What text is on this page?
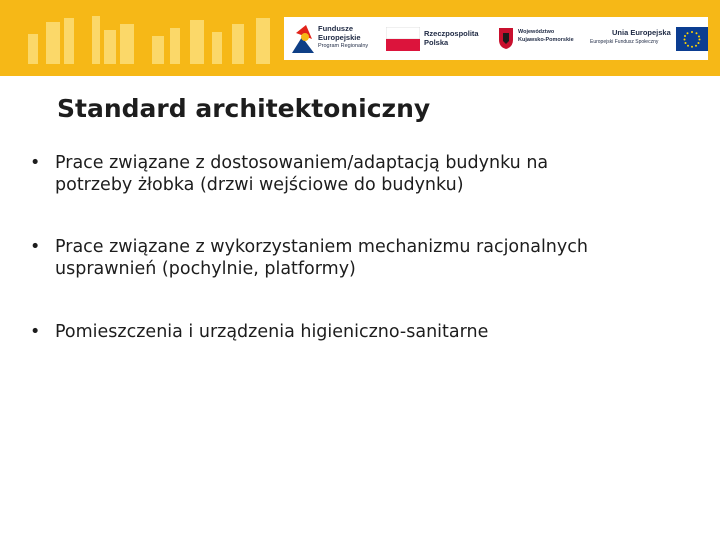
Fundusze
Europejskie
Program Regionalny
Rzeczpospolita
Polska
Województwo
Kujawsko-Pomorskie
Unia Europejska
Europejski Fundusz Społeczny
Standard architektoniczny
• Prace związane z dostosowaniem/adaptacją budynku na
potrzeby żłobka (drzwi wejściowe do budynku)
• Prace związane z wykorzystaniem mechanizmu racjonalnych
usprawnień (pochylnie, platformy)
• Pomieszczenia i urządzenia higieniczno-sanitarne
